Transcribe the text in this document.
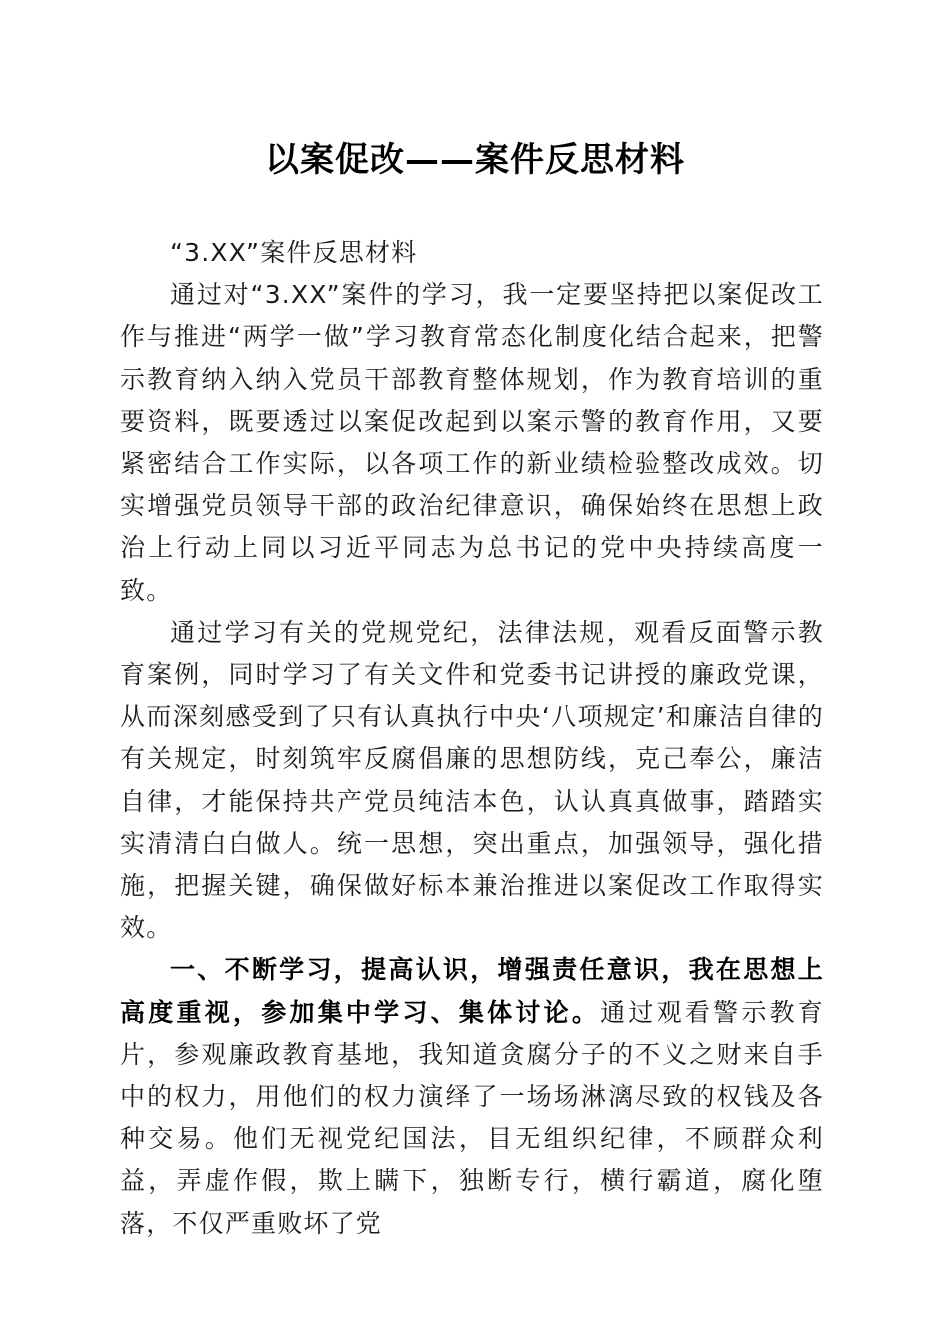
以案促改——案件反思材料

“3.XX”案件反思材料

通过对“3.XX”案件的学习，我一定要坚持把以案促改工作与推进“两学一做”学习教育常态化制度化结合起来，把警示教育纳入纳入党员干部教育整体规划，作为教育培训的重要资料，既要透过以案促改起到以案示警的教育作用，又要紧密结合工作实际，以各项工作的新业绩检验整改成效。切实增强党员领导干部的政治纪律意识，确保始终在思想上政治上行动上同以习近平同志为总书记的党中央持续高度一致。

通过学习有关的党规党纪，法律法规，观看反面警示教育案例，同时学习了有关文件和党委书记讲授的廉政党课，从而深刻感受到了只有认真执行中央‘八项规定’和廉洁自律的有关规定，时刻筑牢反腐倡廉的思想防线，克己奉公，廉洁自律，才能保持共产党员纯洁本色，认认真真做事，踏踏实实清清白白做人。统一思想，突出重点，加强领导，强化措施，把握关键，确保做好标本兼治推进以案促改工作取得实效。

一、不断学习，提高认识，增强责任意识，我在思想上高度重视，参加集中学习、集体讨论。通过观看警示教育片，参观廉政教育基地，我知道贪腐分子的不义之财来自手中的权力，用他们的权力演绎了一场场淋漓尽致的权钱及各种交易。他们无视党纪国法，目无组织纪律，不顾群众利益，弄虚作假，欺上瞒下，独断专行，横行霸道，腐化堕落，不仅严重败坏了党
